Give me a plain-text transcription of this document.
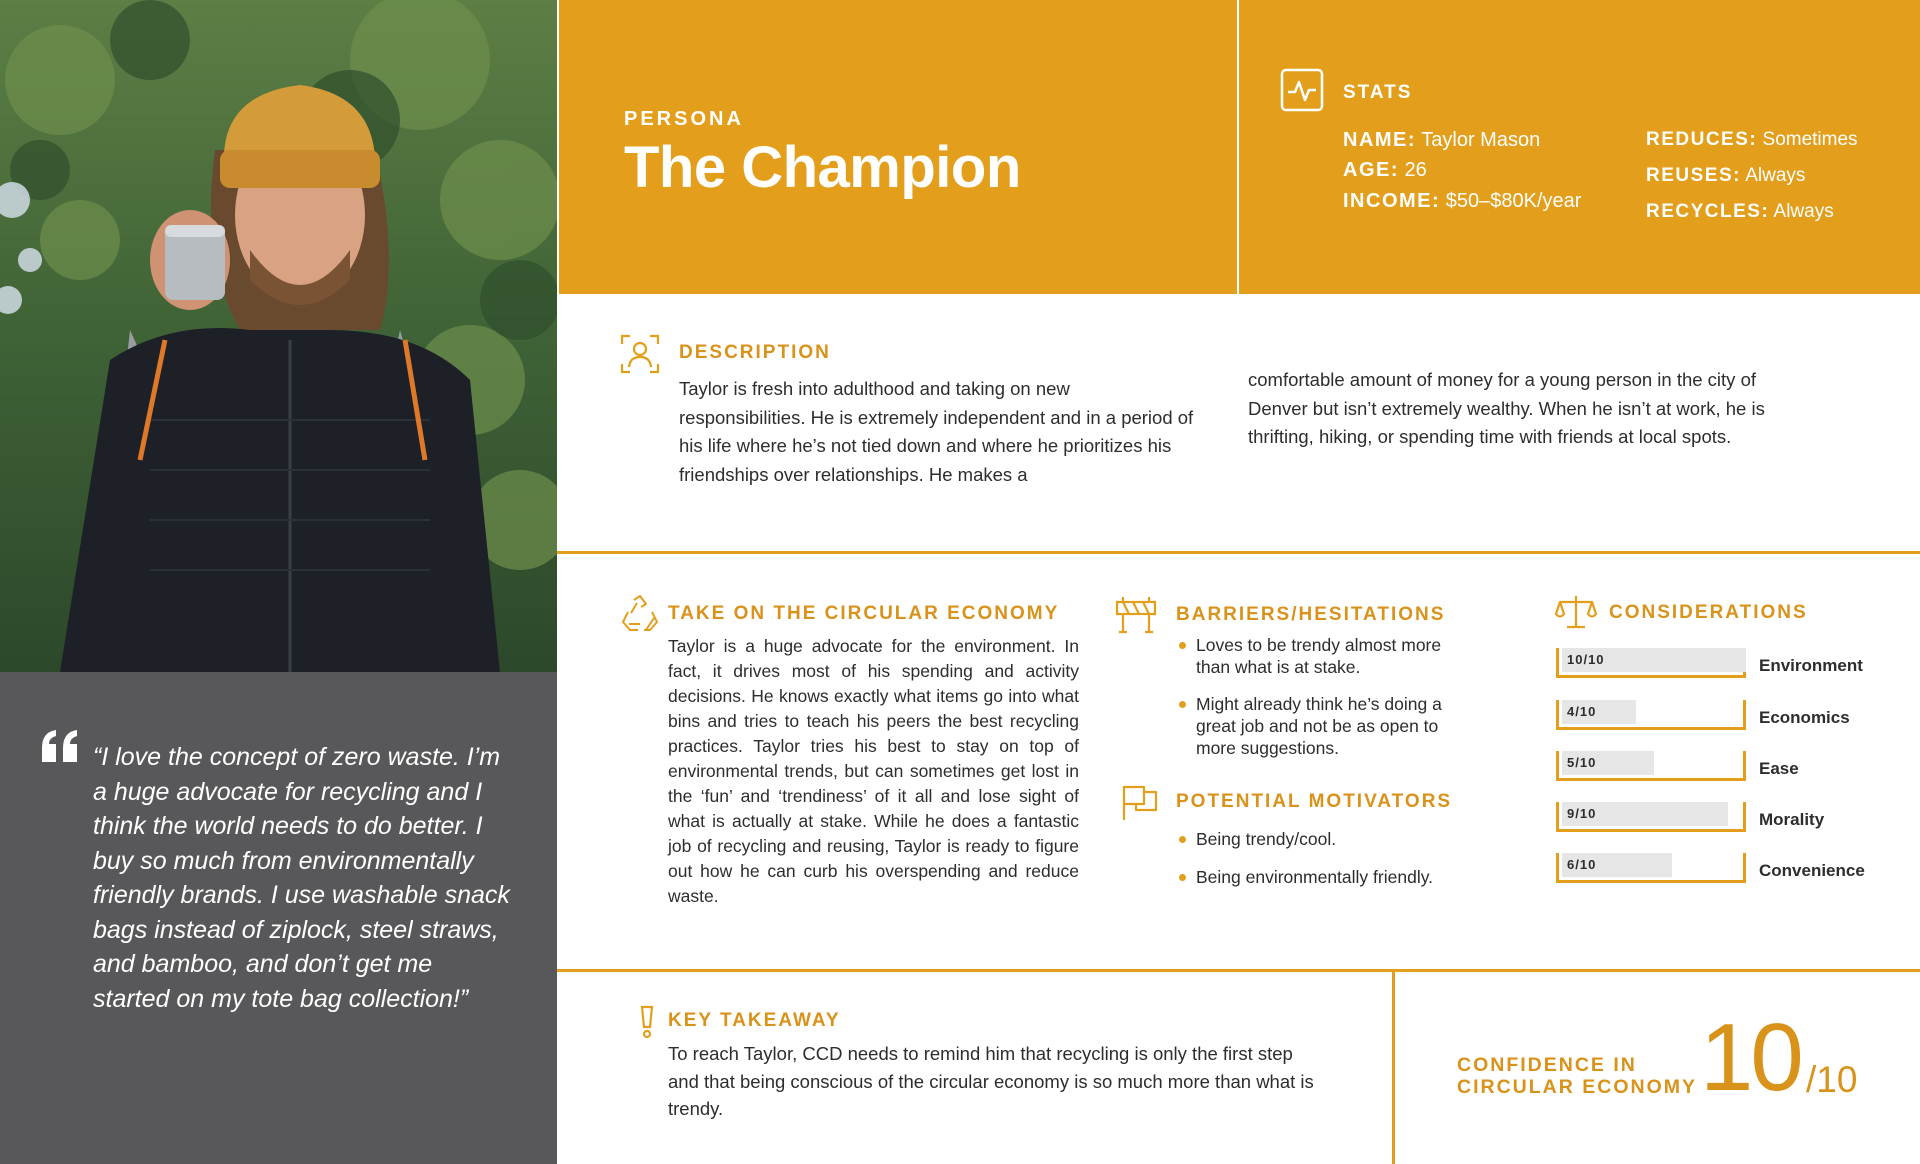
“I love the concept of zero waste. I’m a huge advocate for recycling and I think the world needs to do better. I buy so much from environmentally friendly brands. I use washable snack bags instead of ziplock, steel straws, and bamboo, and don’t get me started on my tote bag collection!”

PERSONA
The Champion
STATS
NAME: Taylor Mason
AGE: 26
INCOME: $50–$80K/year
REDUCES: Sometimes
REUSES: Always
RECYCLES: Always
DESCRIPTION

Taylor is fresh into adulthood and taking on new responsibilities. He is extremely independent and in a period of his life where he’s not tied down and where he prioritizes his friendships over relationships. He makes a

comfortable amount of money for a young person in the city of Denver but isn’t extremely wealthy. When he isn’t at work, he is thrifting, hiking, or spending time with friends at local spots.

TAKE ON THE CIRCULAR ECONOMY

Taylor is a huge advocate for the environment. In fact, it drives most of his spending and activity decisions. He knows exactly what items go into what bins and tries to teach his peers the best recycling practices. Taylor tries his best to stay on top of environmental trends, but can sometimes get lost in the ‘fun’ and ‘trendiness’ of it all and lose sight of what is actually at stake. While he does a fantastic job of recycling and reusing, Taylor is ready to figure out how he can curb his overspending and reduce waste.

BARRIERS/HESITATIONS
Loves to be trendy almost more than what is at stake.
Might already think he’s doing a great job and not be as open to more suggestions.
POTENTIAL MOTIVATORS
Being trendy/cool.
Being environmentally friendly.
CONSIDERATIONS
10/10	Environment
4/10	Economics
5/10	Ease
9/10	Morality
6/10	Convenience
KEY TAKEAWAY

To reach Taylor, CCD needs to remind him that recycling is only the first step and that being conscious of the circular economy is so much more than what is trendy.

CONFIDENCE IN CIRCULAR ECONOMY 10 /10
